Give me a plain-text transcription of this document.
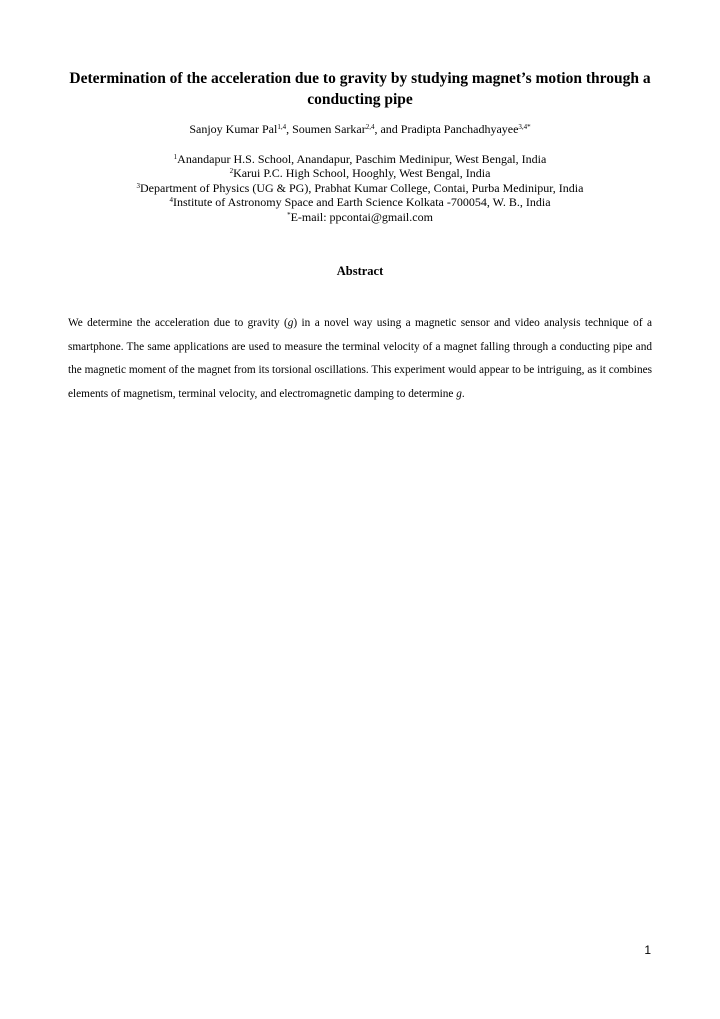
Determination of the acceleration due to gravity by studying magnet’s motion through a conducting pipe
Sanjoy Kumar Pal$^{1,4}$, Soumen Sarkar$^{2,4}$, and Pradipta Panchadhyayee$^{3,4*}$
$^1$Anandapur H.S. School, Anandapur, Paschim Medinipur, West Bengal, India
$^2$Karui P.C. High School, Hooghly, West Bengal, India
$^3$Department of Physics (UG & PG), Prabhat Kumar College, Contai, Purba Medinipur, India
$^4$Institute of Astronomy Space and Earth Science Kolkata -700054, W. B., India
*E-mail: ppcontai@gmail.com
Abstract

We determine the acceleration due to gravity (g) in a novel way using a magnetic sensor and video analysis technique of a smartphone. The same applications are used to measure the terminal velocity of a magnet falling through a conducting pipe and the magnetic moment of the magnet from its torsional oscillations. This experiment would appear to be intriguing, as it combines elements of magnetism, terminal velocity, and electromagnetic damping to determine g.

1
